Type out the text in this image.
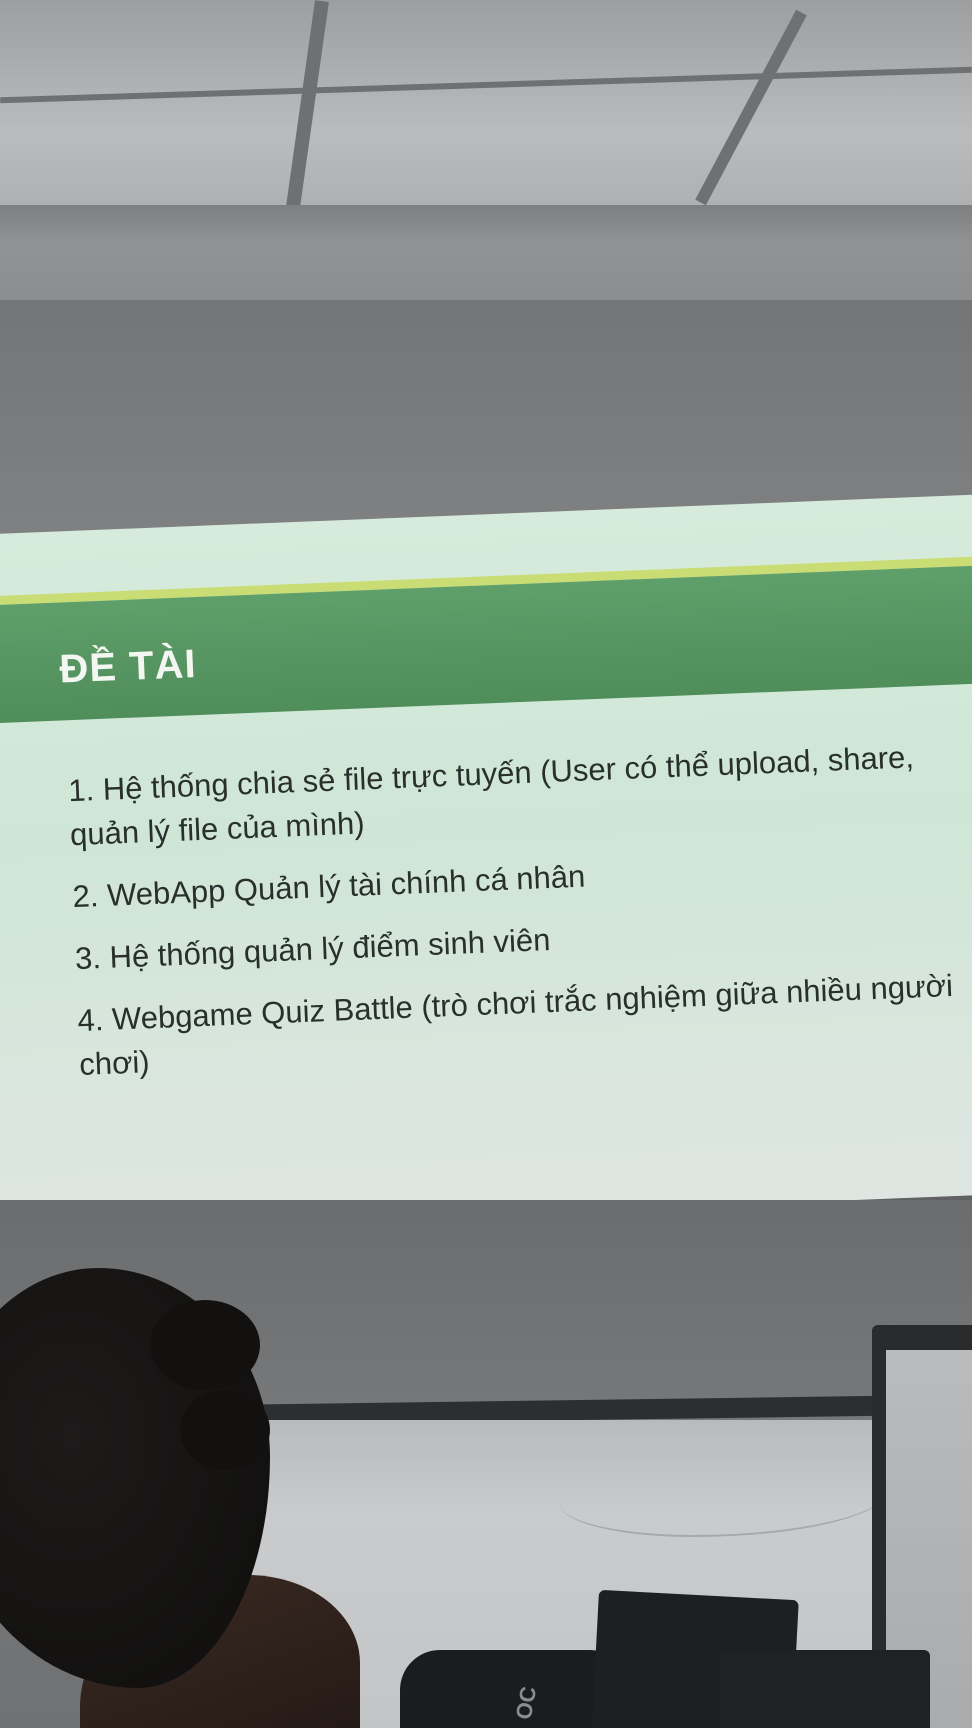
ĐỀ TÀI
1. Hệ thống chia sẻ file trực tuyến (User có thể upload, share, quản lý file của mình)
2. WebApp Quản lý tài chính cá nhân
3. Hệ thống quản lý điểm sinh viên
4. Webgame Quiz Battle (trò chơi trắc nghiệm giữa nhiều người chơi)
OC
